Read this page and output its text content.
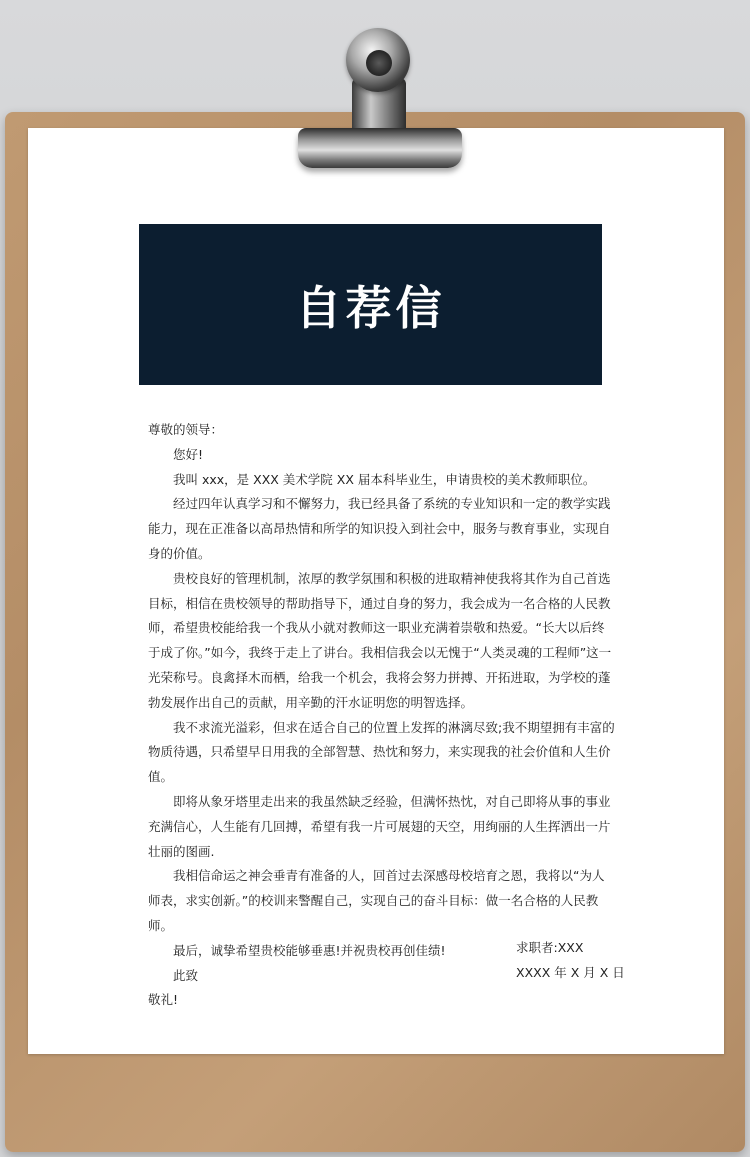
自荐信

尊敬的领导：

您好!

我叫 xxx，是 XXX 美术学院 XX 届本科毕业生，申请贵校的美术教师职位。

经过四年认真学习和不懈努力，我已经具备了系统的专业知识和一定的教学实践能力，现在正准备以高昂热情和所学的知识投入到社会中，服务与教育事业，实现自身的价值。

贵校良好的管理机制，浓厚的教学氛围和积极的进取精神使我将其作为自己首选目标，相信在贵校领导的帮助指导下，通过自身的努力，我会成为一名合格的人民教师，希望贵校能给我一个我从小就对教师这一职业充满着崇敬和热爱。“长大以后终于成了你。”如今，我终于走上了讲台。我相信我会以无愧于“人类灵魂的工程师”这一光荣称号。良禽择木而栖，给我一个机会，我将会努力拼搏、开拓进取，为学校的蓬勃发展作出自己的贡献，用辛勤的汗水证明您的明智选择。

我不求流光溢彩，但求在适合自己的位置上发挥的淋漓尽致;我不期望拥有丰富的物质待遇，只希望早日用我的全部智慧、热忱和努力，来实现我的社会价值和人生价值。

即将从象牙塔里走出来的我虽然缺乏经验，但满怀热忱，对自己即将从事的事业充满信心，人生能有几回搏，希望有我一片可展翅的天空，用绚丽的人生挥洒出一片壮丽的图画.

我相信命运之神会垂青有准备的人，回首过去深感母校培育之恩，我将以“为人师表，求实创新。”的校训来警醒自己，实现自己的奋斗目标：做一名合格的人民教师。

最后，诚挚希望贵校能够垂惠!并祝贵校再创佳绩!

此致

敬礼!

求职者:XXX

XXXX 年 X 月 X 日
